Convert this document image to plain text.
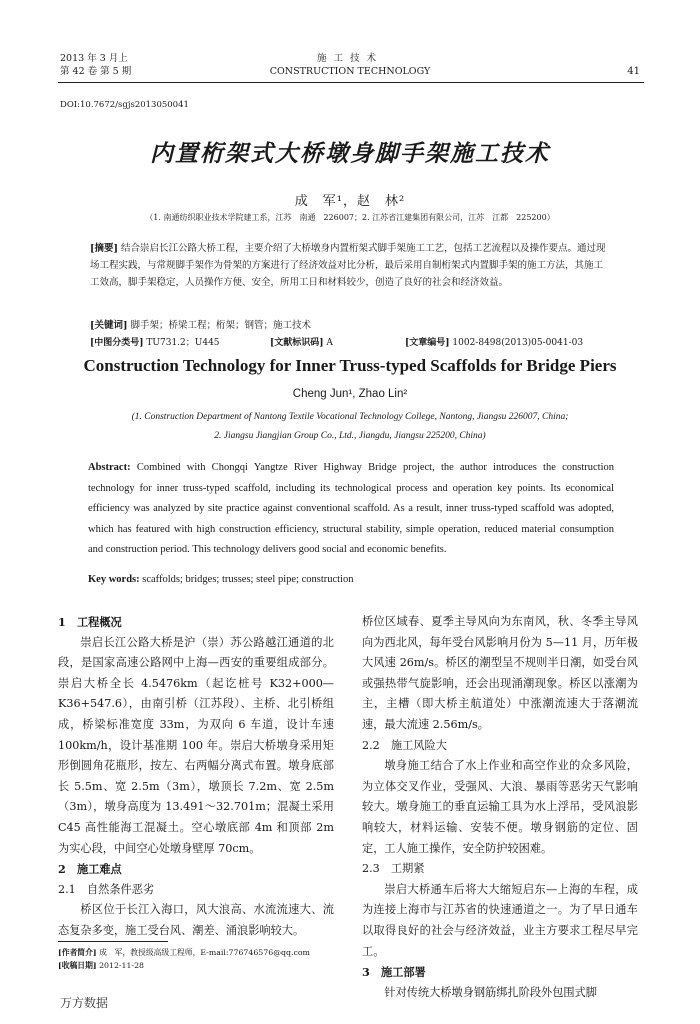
2013 年 3 月上
第 42 卷 第 5 期
施工技术
CONSTRUCTION TECHNOLOGY	41
DOI:10.7672/sgjs2013050041
内置桁架式大桥墩身脚手架施工技术
成　军¹，赵　林²
（1. 南通纺织职业技术学院建工系，江苏　南通　226007；2. 江苏省江建集团有限公司，江苏　江都　225200）
[摘要] 结合崇启长江公路大桥工程，主要介绍了大桥墩身内置桁架式脚手架施工工艺，包括工艺流程以及操作要点。通过现场工程实践，与常规脚手架作为骨架的方案进行了经济效益对比分析，最后采用自制桁架式内置脚手架的施工方法，其施工工效高，脚手架稳定，人员操作方便、安全，所用工日和材料较少，创造了良好的社会和经济效益。
[关键词] 脚手架；桥梁工程；桁架；钢管；施工技术
[中图分类号] TU731.2；U445	[文献标识码] A	[文章编号] 1002-8498(2013)05-0041-03
Construction Technology for Inner Truss-typed Scaffolds for Bridge Piers
Cheng Jun¹, Zhao Lin²
(1. Construction Department of Nantong Textile Vocational Technology College, Nantong, Jiangsu 226007, China;
2. Jiangsu Jiangjian Group Co., Ltd., Jiangdu, Jiangsu 225200, China)
Abstract: Combined with Chongqi Yangtze River Highway Bridge project, the author introduces the construction technology for inner truss-typed scaffold, including its technological process and operation key points. Its economical efficiency was analyzed by site practice against conventional scaffold. As a result, inner truss-typed scaffold was adopted, which has featured with high construction efficiency, structural stability, simple operation, reduced material consumption and construction period. This technology delivers good social and economic benefits.
Key words: scaffolds; bridges; trusses; steel pipe; construction
1　工程概况

崇启长江公路大桥是沪（崇）苏公路越江通道的北段，是国家高速公路网中上海—西安的重要组成部分。崇启大桥全长 4.5476km（起讫桩号 K32+000—K36+547.6），由南引桥（江苏段）、主桥、北引桥组成，桥梁标准宽度 33m，为双向 6 车道，设计车速 100km/h，设计基准期 100 年。崇启大桥墩身采用矩形倒圆角花瓶形，按左、右两幅分离式布置。墩身底部长 5.5m、宽 2.5m（3m），墩顶长 7.2m、宽 2.5m（3m），墩身高度为 13.491～32.701m；混凝土采用 C45 高性能海工混凝土。空心墩底部 4m 和顶部 2m 为实心段，中间空心处墩身壁厚 70cm。

2　施工难点
2.1　自然条件恶劣

桥区位于长江入海口，风大浪高、水流流速大、流态复杂多变，施工受台风、潮差、涌浪影响较大。

桥位区域春、夏季主导风向为东南风，秋、冬季主导风向为西北风，每年受台风影响月份为 5—11 月，历年极大风速 26m/s。桥区的潮型呈不规则半日潮，如受台风或强热带气旋影响，还会出现涌潮现象。桥区以涨潮为主，主槽（即大桥主航道处）中涨潮流速大于落潮流速，最大流速 2.56m/s。

2.2　施工风险大

墩身施工结合了水上作业和高空作业的众多风险，为立体交叉作业，受强风、大浪、暴雨等恶劣天气影响较大。墩身施工的垂直运输工具为水上浮吊，受风浪影响较大，材料运输、安装不便。墩身钢筋的定位、固定，工人施工操作，安全防护较困难。

2.3　工期紧

崇启大桥通车后将大大缩短启东—上海的车程，成为连接上海市与江苏省的快速通道之一。为了早日通车以取得良好的社会与经济效益，业主方要求工程尽早完工。

3　施工部署

针对传统大桥墩身钢筋绑扎阶段外包围式脚

[作者简介] 成　军，教授级高级工程师，E-mail:776746576@qq.com
[收稿日期] 2012-11-28
万方数据
